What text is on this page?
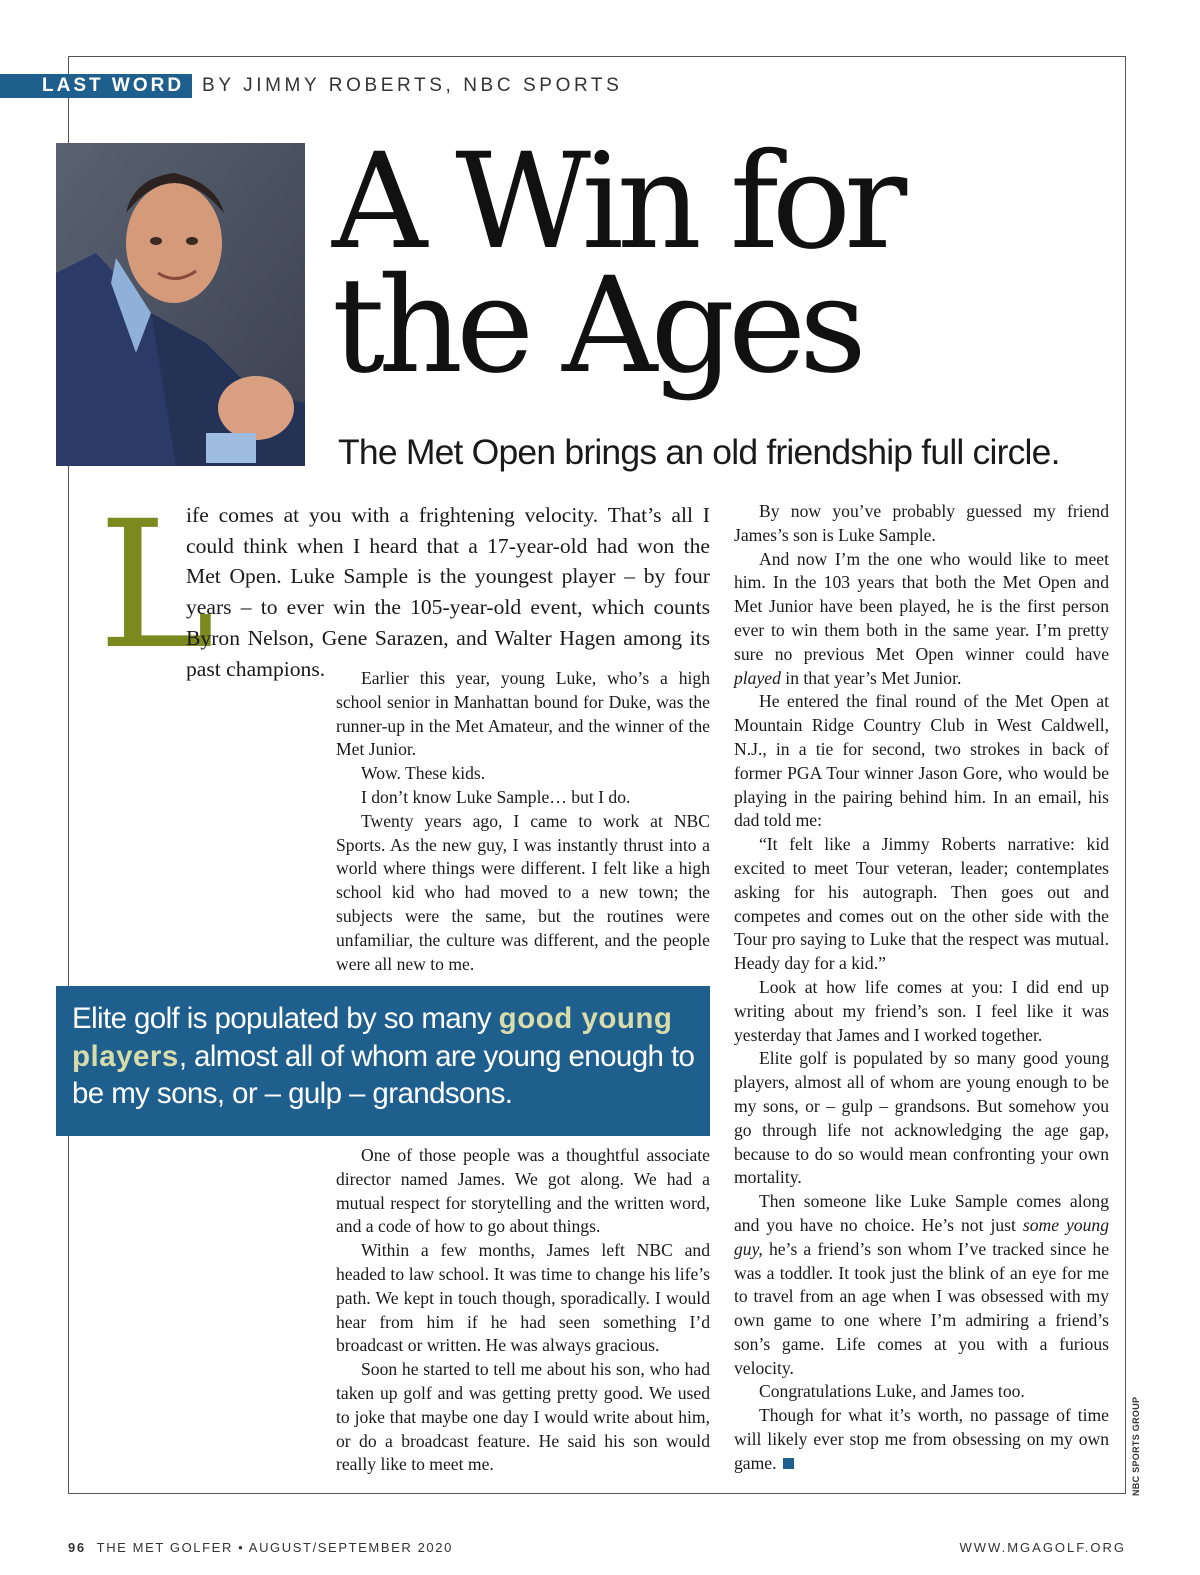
LAST WORD BY JIMMY ROBERTS, NBC SPORTS
A Win for
the Ages
The Met Open brings an old friendship full circle.
L

ife comes at you with a frightening velocity. That’s all I could think when I heard that a 17-year-old had won the Met Open. Luke Sample is the youngest player – by four years – to ever win the 105-year-old event, which counts Byron Nelson, Gene Sarazen, and Walter Hagen among its past champions.	Earlier this year, young Luke, who’s a high school senior in Manhattan bound for Duke, was the runner-up in the Met Amateur, and the winner of the Met Junior.

Wow. These kids.

I don’t know Luke Sample… but I do.

Twenty years ago, I came to work at NBC Sports. As the new guy, I was instantly thrust into a world where things were different. I felt like a high school kid who had moved to a new town; the subjects were the same, but the routines were unfamiliar, the culture was different, and the people were all new to me.

Elite golf is populated by so many good young players, almost all of whom are young enough to be my sons, or – gulp – grandsons.

One of those people was a thoughtful associate director named James. We got along. We had a mutual respect for storytelling and the written word, and a code of how to go about things.

Within a few months, James left NBC and headed to law school. It was time to change his life’s path. We kept in touch though, sporadically. I would hear from him if he had seen something I’d broadcast or written. He was always gracious.

Soon he started to tell me about his son, who had taken up golf and was getting pretty good. We used to joke that maybe one day I would write about him, or do a broadcast feature. He said his son would really like to meet me.

By now you’ve probably guessed my friend James’s son is Luke Sample.

And now I’m the one who would like to meet him. In the 103 years that both the Met Open and Met Junior have been played, he is the first person ever to win them both in the same year. I’m pretty sure no previous Met Open winner could have played in that year’s Met Junior.

He entered the final round of the Met Open at Mountain Ridge Country Club in West Caldwell, N.J., in a tie for second, two strokes in back of former PGA Tour winner Jason Gore, who would be playing in the pairing behind him. In an email, his dad told me:

“It felt like a Jimmy Roberts narrative: kid excited to meet Tour veteran, leader; contemplates asking for his autograph. Then goes out and competes and comes out on the other side with the Tour pro saying to Luke that the respect was mutual. Heady day for a kid.”

Look at how life comes at you: I did end up writing about my friend’s son. I feel like it was yesterday that James and I worked together.

Elite golf is populated by so many good young players, almost all of whom are young enough to be my sons, or – gulp – grandsons. But somehow you go through life not acknowledging the age gap, because to do so would mean confronting your own mortality.

Then someone like Luke Sample comes along and you have no choice. He’s not just some young guy, he’s a friend’s son whom I’ve tracked since he was a toddler. It took just the blink of an eye for me to travel from an age when I was obsessed with my own game to one where I’m admiring a friend’s son’s game. Life comes at you with a furious velocity.

Congratulations Luke, and James too.

Though for what it’s worth, no passage of time will likely ever stop me from obsessing on my own game.	NBC SPORTS GROUP
96 THE MET GOLFER • AUGUST/SEPTEMBER 2020	WWW.MGAGOLF.ORG
